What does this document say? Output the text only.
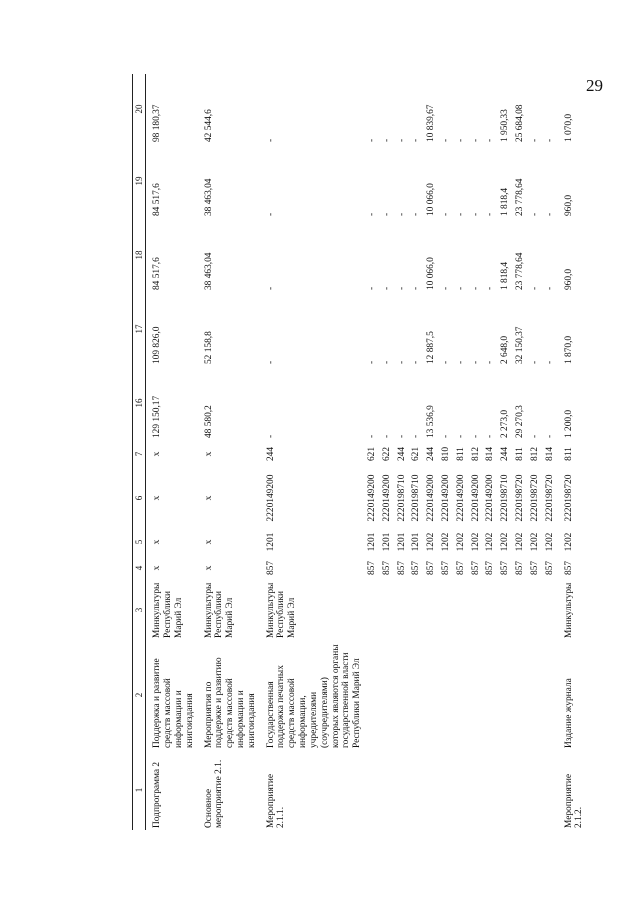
29
1	2	3	4	5	6	7	16	17	18	19	20
Подпрограмма 2	Поддержка и развитие средств массовой информации и книгоиздания	Минкультуры Республики Марий Эл	х	х	х	х	129 150,17	109 826,0	84 517,6	84 517,6	98 180,37
Основное мероприятие 2.1.	Мероприятия по поддержке и развитию средств массовой информации и книгоиздания	Минкультуры Республики Марий Эл	х	х	х	х	48 580,2	52 158,8	38 463,04	38 463,04	42 544,6
Мероприятие 2.1.1.	Государственная поддержка печатных средств массовой информации, учредителями (соучредителями) которых являются органы государственной власти Республики Марий Эл	Минкультуры Республики Марий Эл	857	1201	2220149200	244	-	-	-	-	-
			857	1201	2220149200	621	-	-	-	-	-
			857	1201	2220149200	622	-	-	-	-	-
			857	1201	2220198710	244	-	-	-	-	-
			857	1201	2220198710	621	-	-	-	-	-
			857	1202	2220149200	244	13 536,9	12 887,5	10 066,0	10 066,0	10 839,67
			857	1202	2220149200	810	-	-	-	-	-
			857	1202	2220149200	811	-	-	-	-	-
			857	1202	2220149200	812	-	-	-	-	-
			857	1202	2220149200	814	-	-	-	-	-
			857	1202	2220198710	244	2 273,0	2 648,0	1 818,4	1 818,4	1 950,33
			857	1202	2220198720	811	29 270,3	32 150,37	23 778,64	23 778,64	25 684,08
			857	1202	2220198720	812	-	-	-	-	-
			857	1202	2220198720	814	-	-	-	-	-
Мероприятие 2.1.2.	Издание журнала	Минкультуры	857	1202	2220198720	811	1 200,0	1 870,0	960,0	960,0	1 070,0
